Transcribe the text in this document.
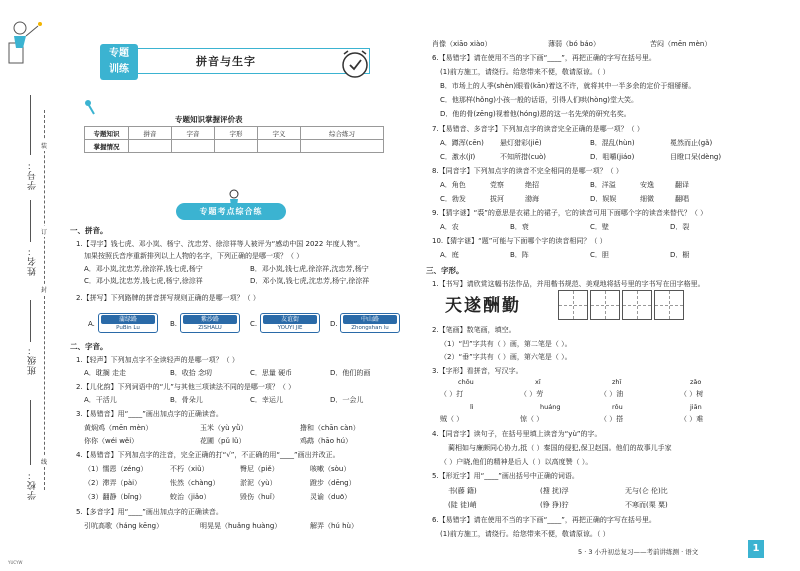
装
封
订
线
学号：
姓名：
班级：
学校：
YUCYW
专题
训练
拼音与生字
专题知识掌握评价表
专题知识	拼音	字音	字形	字义	综合练习
掌握情况					
专题考点综合练
一、拼音。
1.【寻宇】钱七虎、邓小岚、杨宁、沈忠芳、徐淙祥等人被评为“感动中国 2022 年度人物”。
加果按照氏音序重新排列以上人物的名字，下列正确的是哪一项？（ ）
A．邓小岚,沈忠芳,徐淙祥,钱七虎,杨宁	B．邓小岚,钱七虎,徐淙祥,沈忠芳,杨宁
C．邓小岚,沈忠芳,钱七虎,杨宁,徐淙祥	D．邓小岚,钱七虎,沈忠芳,杨宁,徐淙祥
2.【拼写】下列路牌的拼音拼写规则正确的是哪一项？（ ）
A.
蒲绿路
PuBin Lu	B.
紫沙路
ZISHALU	C.
友谊街
YOUYI JIE	D.
中山路
Zhongshan lu
二、字音。
1.【轻声】下列加点字不全读轻声的是哪一项？（ ）
A．耽搁 走走	B．收拾 念叨	C．思量 硬币	D．他们的画
2.【儿化韵】下列词语中的“儿”与其他三项读法不同的是哪一项？（ ）
A．干活儿	B．骨朵儿	C．幸运儿	D．一会儿
3.【易错音】用“____”画出加点字的正确读音。
黄焖鸡（mēn mèn）	玉米（yù yǜ）	撸和（chān càn）
你你（wéi wěi）	花圃（pǔ lǔ）	鸡鹉（hāo hú）
4.【易错音】下列加点字的注音，完全正确的打“√”，不正确的用“____”画出并改正。
（1）懦恩（zéng）	不朽（xiǔ）	臀尼（piě）	咳嗽（sòu）
（2）滞弄（pài）	怅然（chàng）	淤泥（yù）	蹬步（dēng）
（3）翻静（bǐng）	蛟治（jiǎo）	毁伤（huǐ）	灵谕（duō）
5.【多音字】用“____”画出加点字的正确读音。
引吭高歌（háng kēng）	明晃晃（huǎng huàng）	解弄（hú hù）
肖像（xiāo xiào）	薄弱（bó báo）	苦闷（mēn mèn）
6.【易错字】请在使用不当的字下画“____”，再把正确的字写在括号里。
(1)前方施工，请绕行。给您带来不便，敬请原谅。（ ）
B．市场上的人季(shèn)眼看(kān)着这不许，就将其中一半多余的定价于细掰掰。
C．他那样(hǒng)小孩一般的话语，引得人们哄(hòng)堂大笑。
D．他的骨(zēng)视着他(hóng)恩的这一名先荣的研究名奖。
7.【易错音、多音字】下列加点字的读音完全正确的是哪一项？（ ）
A．蹲浑(cēn) 悬灯猎彩(jiē)	B．混乱(hùn)	冕然而止(gǎ)
C．激水(jī)	不知所措(cuò)	D．咀嚼(jiáo)	目瞪口呆(dèng)
8.【同音字】下列加点字的读音不完全相同的是哪一项？（ ）
A．角色	党察	绝招	B．洋溢	安逸	翻译
C．勃发	拔河	渤海	D．娱娱	细微	翻唱
9.【猜字谜】“裘”的意思是衣裙上的裙子，它的读音可用下面哪个字的读音来替代？（ ）
A．农	B．衰	C．壁	D．裂
10.【猜字谜】“题”可能与下面哪个字的读音相同？（ ）
A．庭	B．阵	C．胆	D．橱
三、字形。
1.【书写】请欣赏这幅书法作品，并用楷书规范、美观地将括号里的字书写在田字格里。
天遂酬勤
2.【笔画】数笔画，填空。
（1）“凹”字共有（ ）画，第二笔是（ ）。
（2）“垂”字共有（ ）画，第六笔是（ ）。
3.【字形】看拼音，写汉字。
chōu	xī	zhī	zǎo
（ ）打	（ ）劳	（ ）油	（ ）树
lì	huáng	rǒu	jiān
贼（ ）	惊（ ）	（ ）搭	（ ）难
4.【同音字】读句子，在括号里填上读音为“yù”的字。
蔺相如与廉颇同心协力,抵（ ）秦国的侵犯,保卫赵国。他们的故事儿手家
（ ）户晓,他们的精神是后人（ ）以高度赞（ ）。
5.【形近字】用“____”画出括号中正确的词语。
书(藤 籍)	(搜 扰)浮	无与(仑 伦)比
(陡 徒)峭	(铮 狰)狞	不寒而(栗 粟)
6.【易错字】请在使用不当的字下画“____”，再把正确的字写在括号里。
(1)前方施工，请绕行。给您带来不便，敬请原谅。（ ）
5 · 3 小升初总复习——考前讲练测 · 语文	1
